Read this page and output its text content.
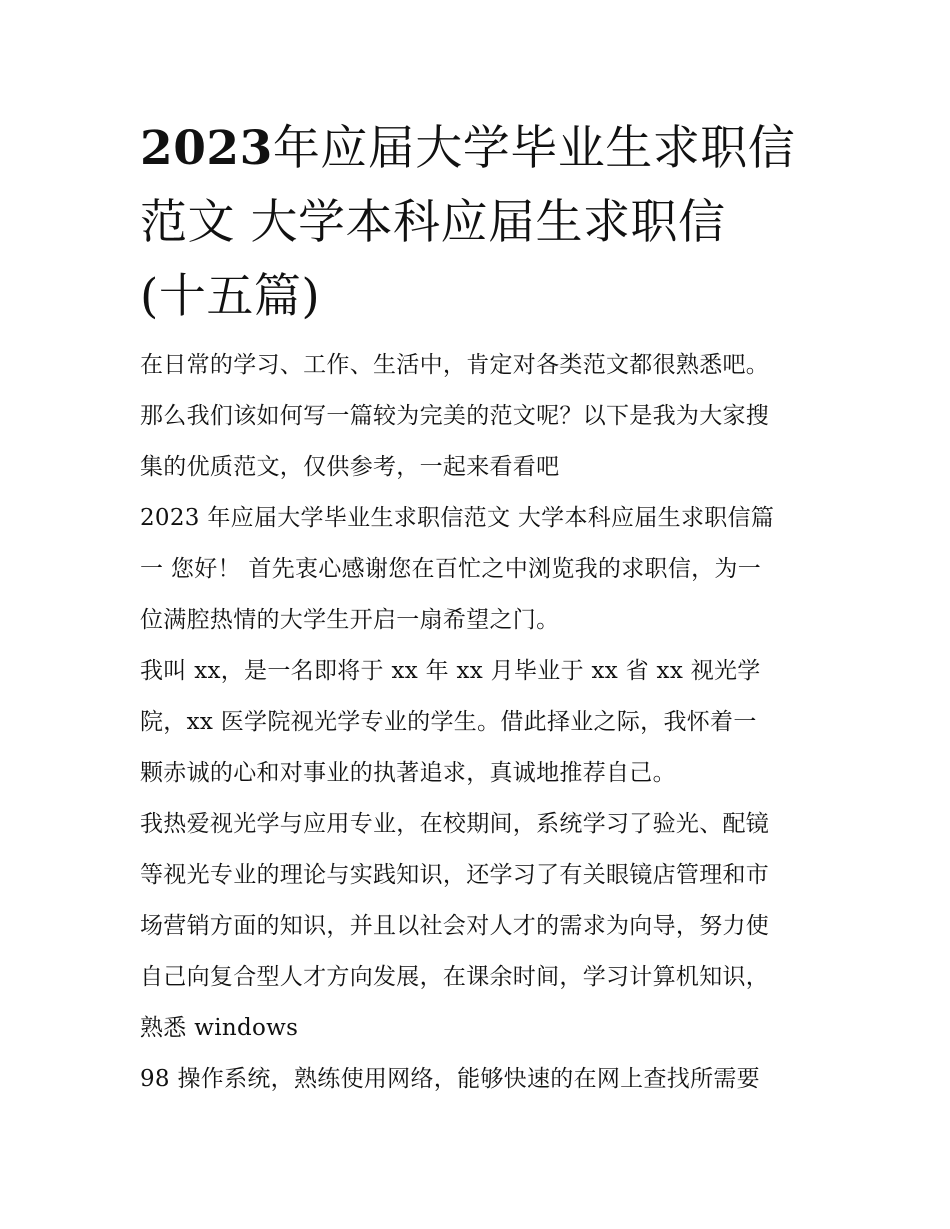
2023年应届大学毕业生求职信
范文 大学本科应届生求职信
(十五篇)

在日常的学习、工作、生活中，肯定对各类范文都很熟悉吧。
那么我们该如何写一篇较为完美的范文呢？以下是我为大家搜
集的优质范文，仅供参考，一起来看看吧

2023 年应届大学毕业生求职信范文 大学本科应届生求职信篇
一 您好！ 首先衷心感谢您在百忙之中浏览我的求职信，为一
位满腔热情的大学生开启一扇希望之门。

我叫 xx，是一名即将于 xx 年 xx 月毕业于 xx 省 xx 视光学
院，xx 医学院视光学专业的学生。借此择业之际，我怀着一
颗赤诚的心和对事业的执著追求，真诚地推荐自己。

我热爱视光学与应用专业，在校期间，系统学习了验光、配镜
等视光专业的理论与实践知识，还学习了有关眼镜店管理和市
场营销方面的知识，并且以社会对人才的需求为向导，努力使
自己向复合型人才方向发展，在课余时间，学习计算机知识，
熟悉 windows

98 操作系统，熟练使用网络，能够快速的在网上查找所需要
